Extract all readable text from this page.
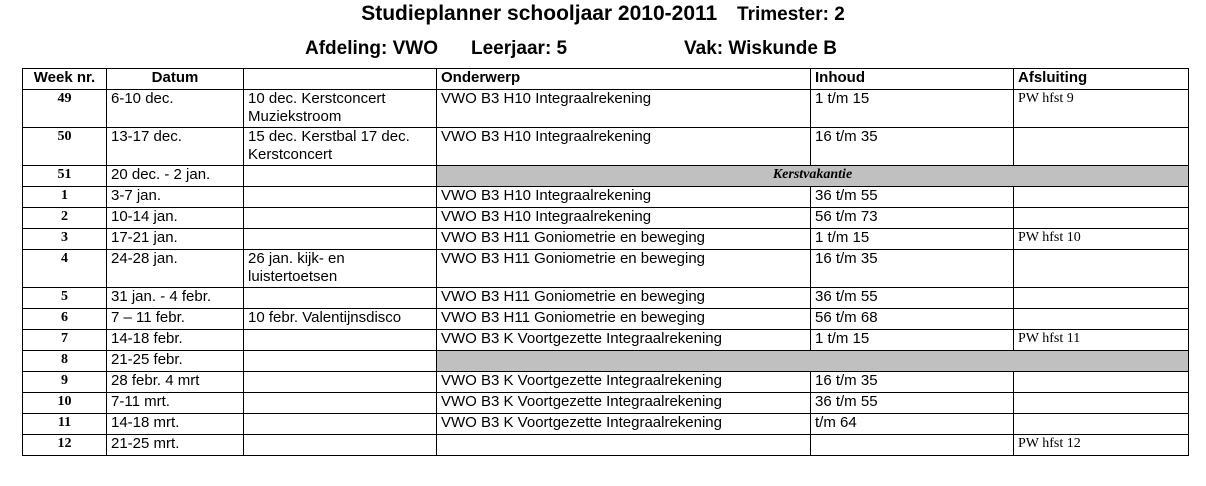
Studieplanner schooljaar 2010-2011 Trimester: 2
Afdeling: VWO Leerjaar: 5	Vak: Wiskunde B
Week nr.	Datum		Onderwerp	Inhoud	Afsluiting
49	6-10 dec.	10 dec. Kerstconcert Muziekstroom	VWO B3 H10 Integraalrekening	1 t/m 15	PW hfst 9
50	13-17 dec.	15 dec. Kerstbal 17 dec. Kerstconcert	VWO B3 H10 Integraalrekening	16 t/m 35	
51	20 dec. - 2 jan.		Kerstvakantie		
1	3-7 jan.		VWO B3 H10 Integraalrekening	36 t/m 55	
2	10-14 jan.		VWO B3 H10 Integraalrekening	56 t/m 73	
3	17-21 jan.		VWO B3 H11 Goniometrie en beweging	1 t/m 15	PW hfst 10
4	24-28 jan.	26 jan. kijk- en luistertoetsen	VWO B3 H11 Goniometrie en beweging	16 t/m 35	
5	31 jan. - 4 febr.		VWO B3 H11 Goniometrie en beweging	36 t/m 55	
6	7 – 11 febr.	10 febr. Valentijnsdisco	VWO B3 H11 Goniometrie en beweging	56 t/m 68	
7	14-18 febr.		VWO B3 K Voortgezette Integraalrekening	1 t/m 15	PW hfst 11
8	21-25 febr.				
9	28 febr. 4 mrt		VWO B3 K Voortgezette Integraalrekening	16 t/m 35	
10	7-11 mrt.		VWO B3 K Voortgezette Integraalrekening	36 t/m 55	
11	14-18 mrt.		VWO B3 K Voortgezette Integraalrekening	t/m 64	
12	21-25 mrt.				PW hfst 12
